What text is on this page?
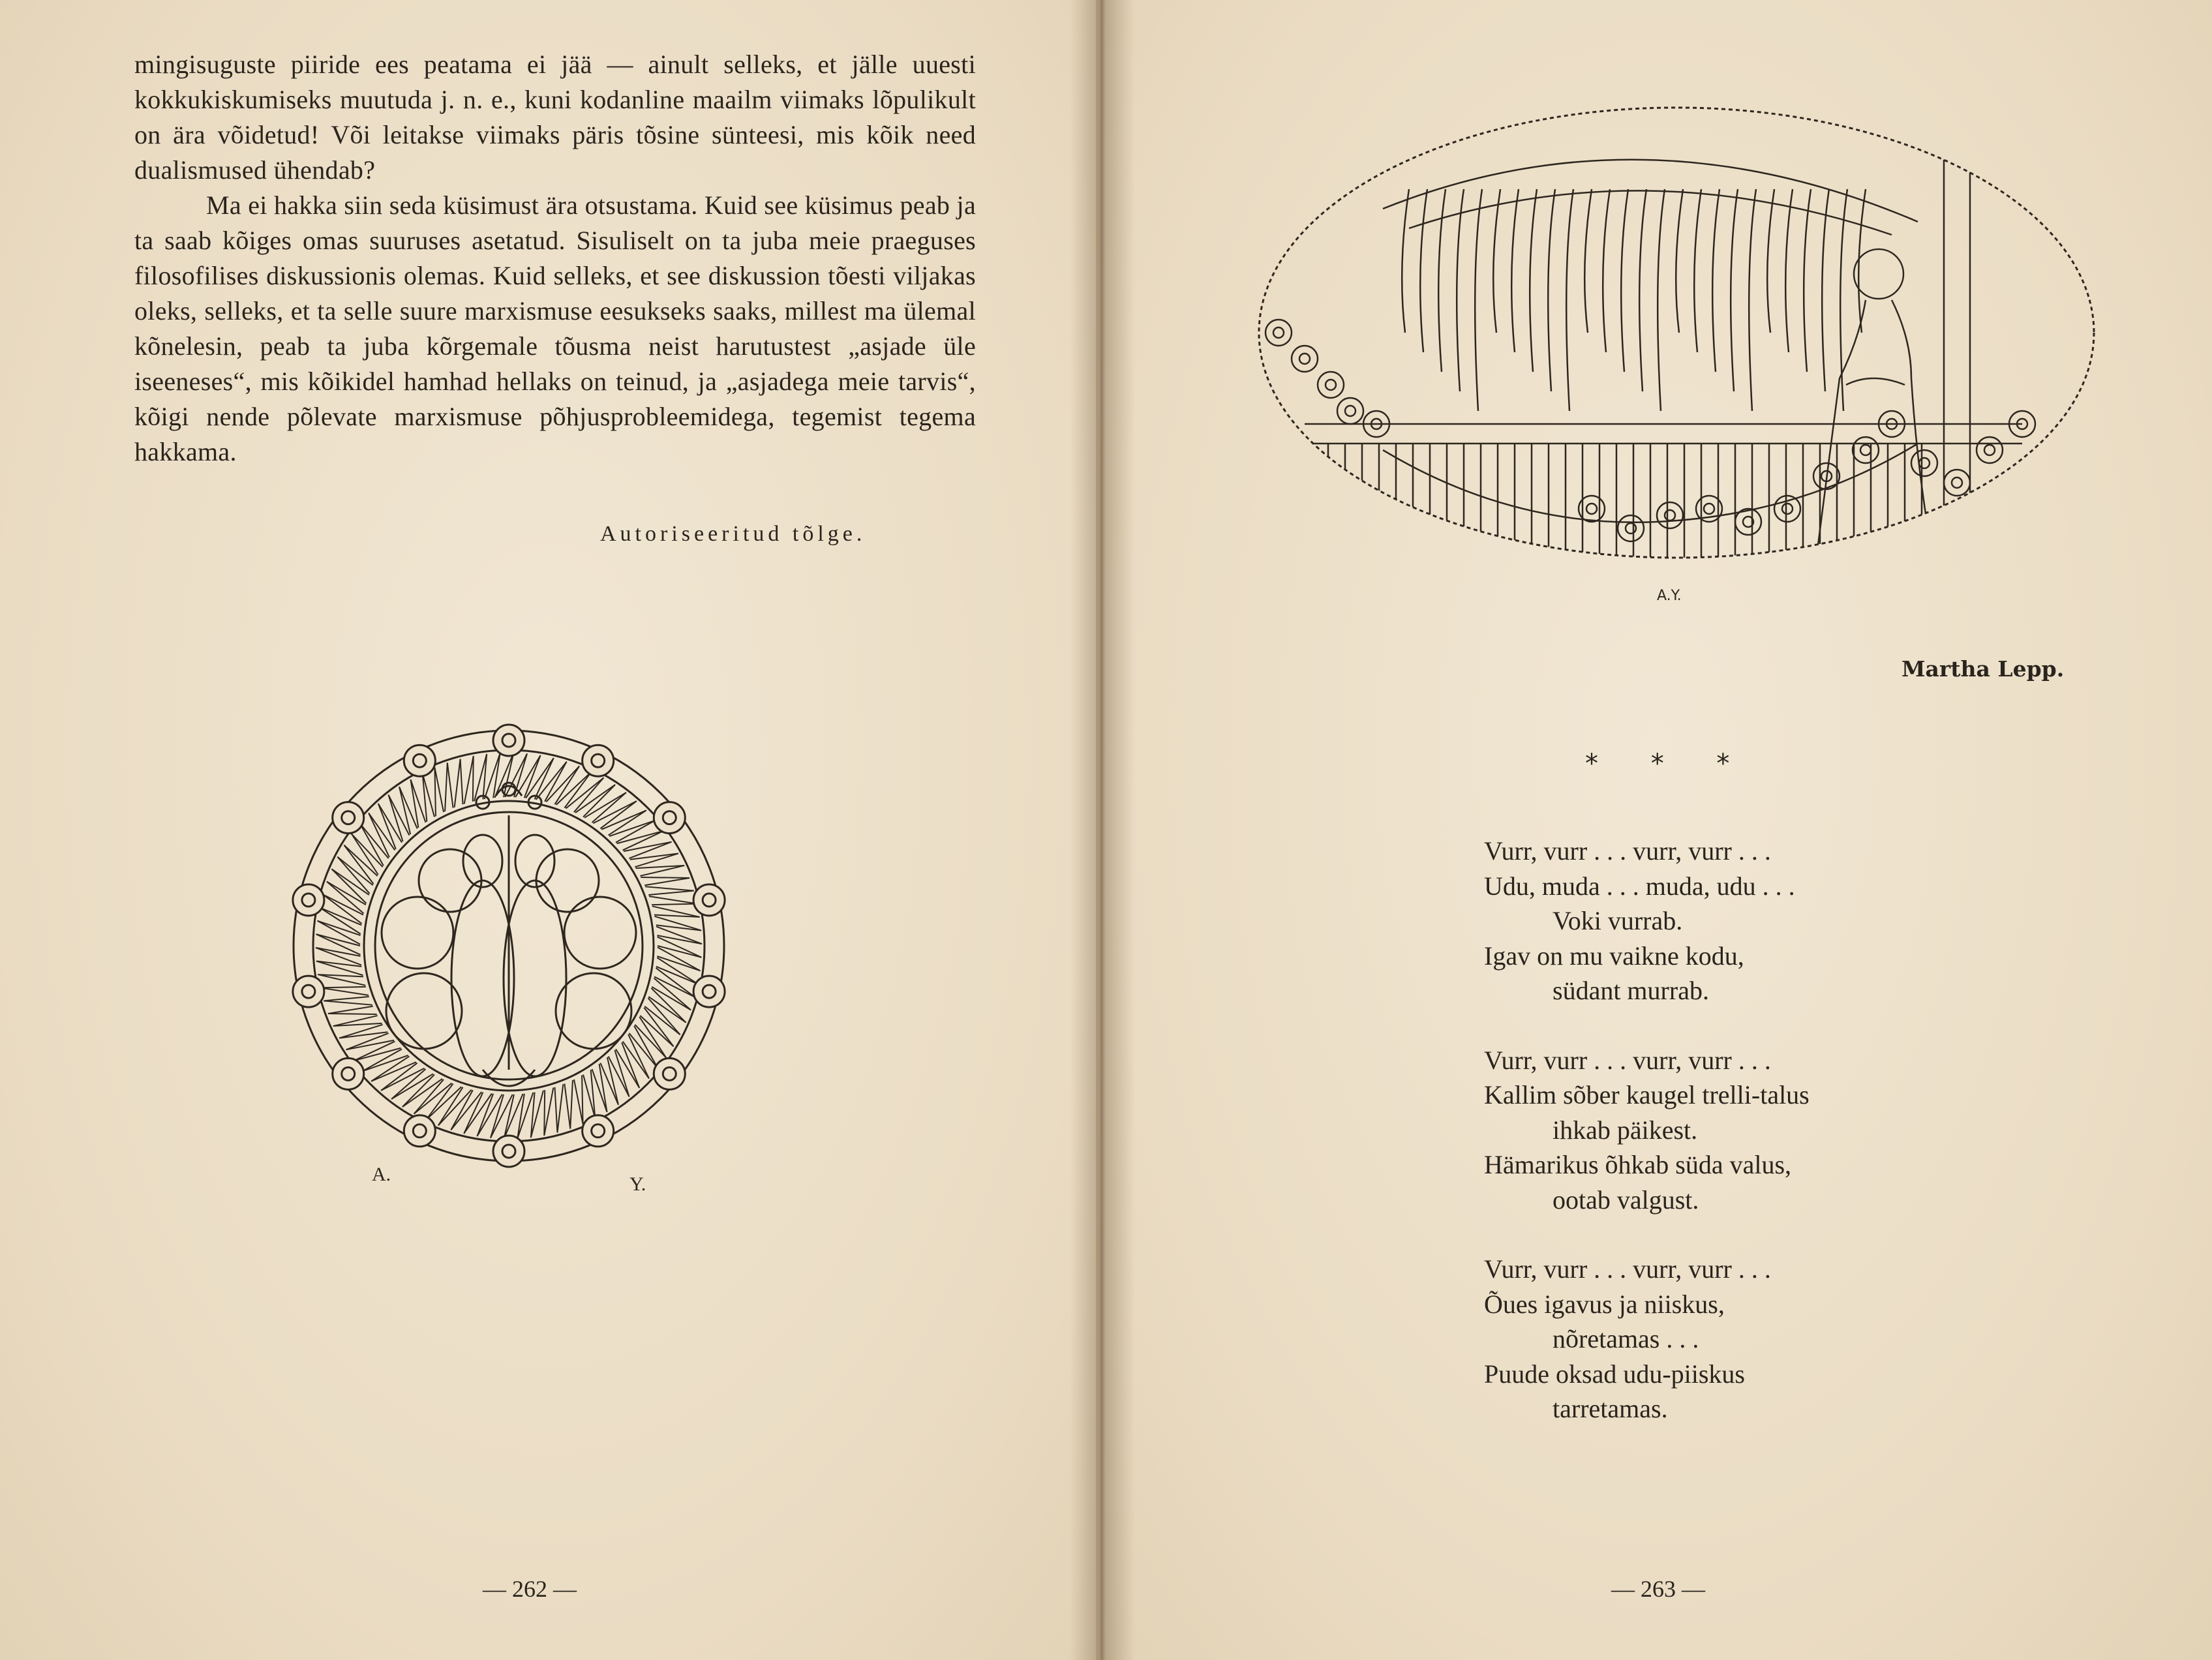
mingisuguste piiride ees peatama ei jää — ainult selleks, et jälle uuesti kokkukiskumiseks muutuda j. n. e., kuni kodanline maailm viimaks lõpulikult on ära võidetud! Või leitakse viimaks päris tõsine sünteesi, mis kõik need dualismused ühendab?

Ma ei hakka siin seda küsimust ära otsustama. Kuid see küsimus peab ja ta saab kõiges omas suuruses asetatud. Sisuliselt on ta juba meie praeguses filosofilises diskussionis olemas. Kuid selleks, et see diskussion tõesti viljakas oleks, selleks, et ta selle suure marxismuse eesukseks saaks, millest ma ülemal kõnelesin, peab ta juba kõrgemale tõusma neist harutustest „asjade üle iseeneses“, mis kõikidel hamhad hellaks on teinud, ja „asjadega meie tarvis“, kõigi nende põlevate marxismuse põhjusprobleemidega, tegemist tegema hakkama.

Autoriseeritud tõlge.
A.	Y.
— 262 —
A.Y.
Martha Lepp.
* * *
Vurr, vurr . . . vurr, vurr . . .
Udu, muda . . . muda, udu . . .
Voki vurrab.
Igav on mu vaikne kodu,
südant murrab.
Vurr, vurr . . . vurr, vurr . . .
Kallim sõber kaugel trelli-talus
ihkab päikest.
Hämarikus õhkab süda valus,
ootab valgust.
Vurr, vurr . . . vurr, vurr . . .
Õues igavus ja niiskus,
nõretamas . . .
Puude oksad udu-piiskus
tarretamas.
— 263 —
